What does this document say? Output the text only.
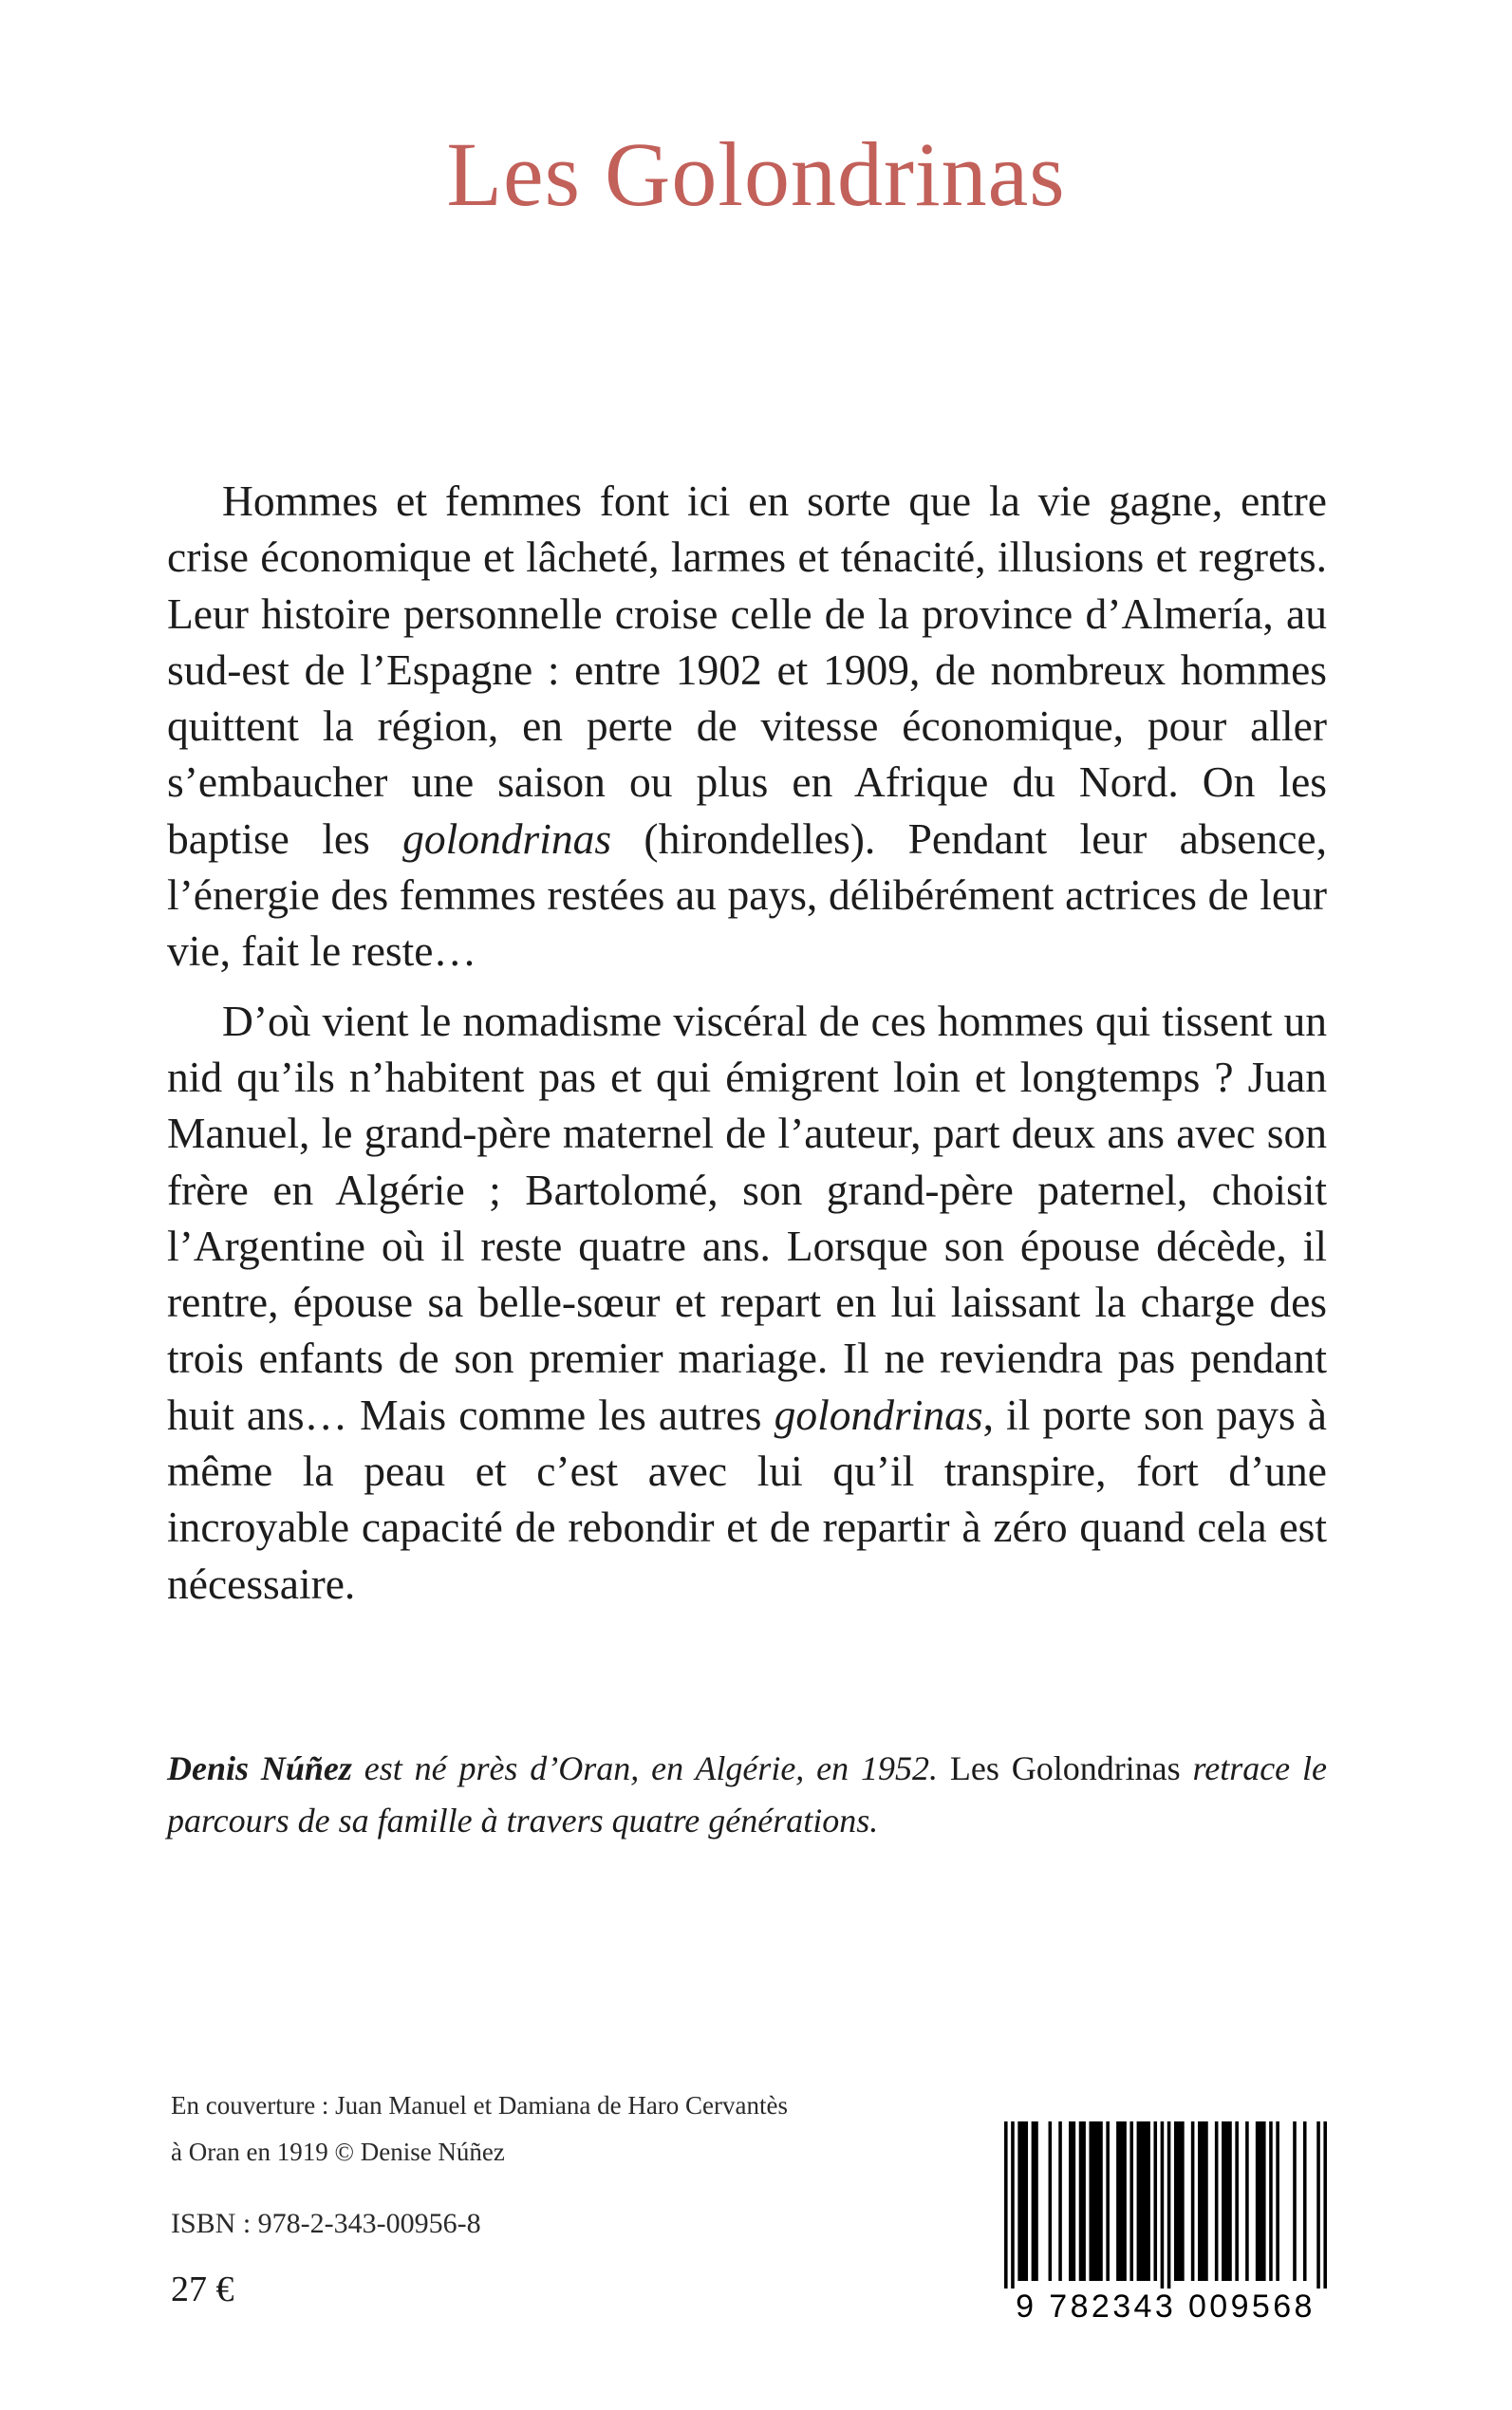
Les Golondrinas

Hommes et femmes font ici en sorte que la vie gagne, entre crise économique et lâcheté, larmes et ténacité, illusions et regrets. Leur histoire personnelle croise celle de la province d’Almería, au sud-est de l’Espagne : entre 1902 et 1909, de nombreux hommes quittent la région, en perte de vitesse économique, pour aller s’embaucher une saison ou plus en Afrique du Nord. On les baptise les golondrinas (hirondelles). Pendant leur absence, l’énergie des femmes restées au pays, délibérément actrices de leur vie, fait le reste…

D’où vient le nomadisme viscéral de ces hommes qui tissent un nid qu’ils n’habitent pas et qui émigrent loin et longtemps ? Juan Manuel, le grand-père maternel de l’auteur, part deux ans avec son frère en Algérie ; Bartolomé, son grand-père paternel, choisit l’Argentine où il reste quatre ans. Lorsque son épouse décède, il rentre, épouse sa belle-sœur et repart en lui laissant la charge des trois enfants de son premier mariage. Il ne reviendra pas pendant huit ans… Mais comme les autres golondrinas, il porte son pays à même la peau et c’est avec lui qu’il transpire, fort d’une incroyable capacité de rebondir et de repartir à zéro quand cela est nécessaire.

Denis Núñez est né près d’Oran, en Algérie, en 1952. Les Golondrinas retrace le parcours de sa famille à travers quatre générations.

En couverture : Juan Manuel et Damiana de Haro Cervantès
à Oran en 1919 © Denise Núñez
ISBN : 978-2-343-00956-8
27 €	9 782343 009568
